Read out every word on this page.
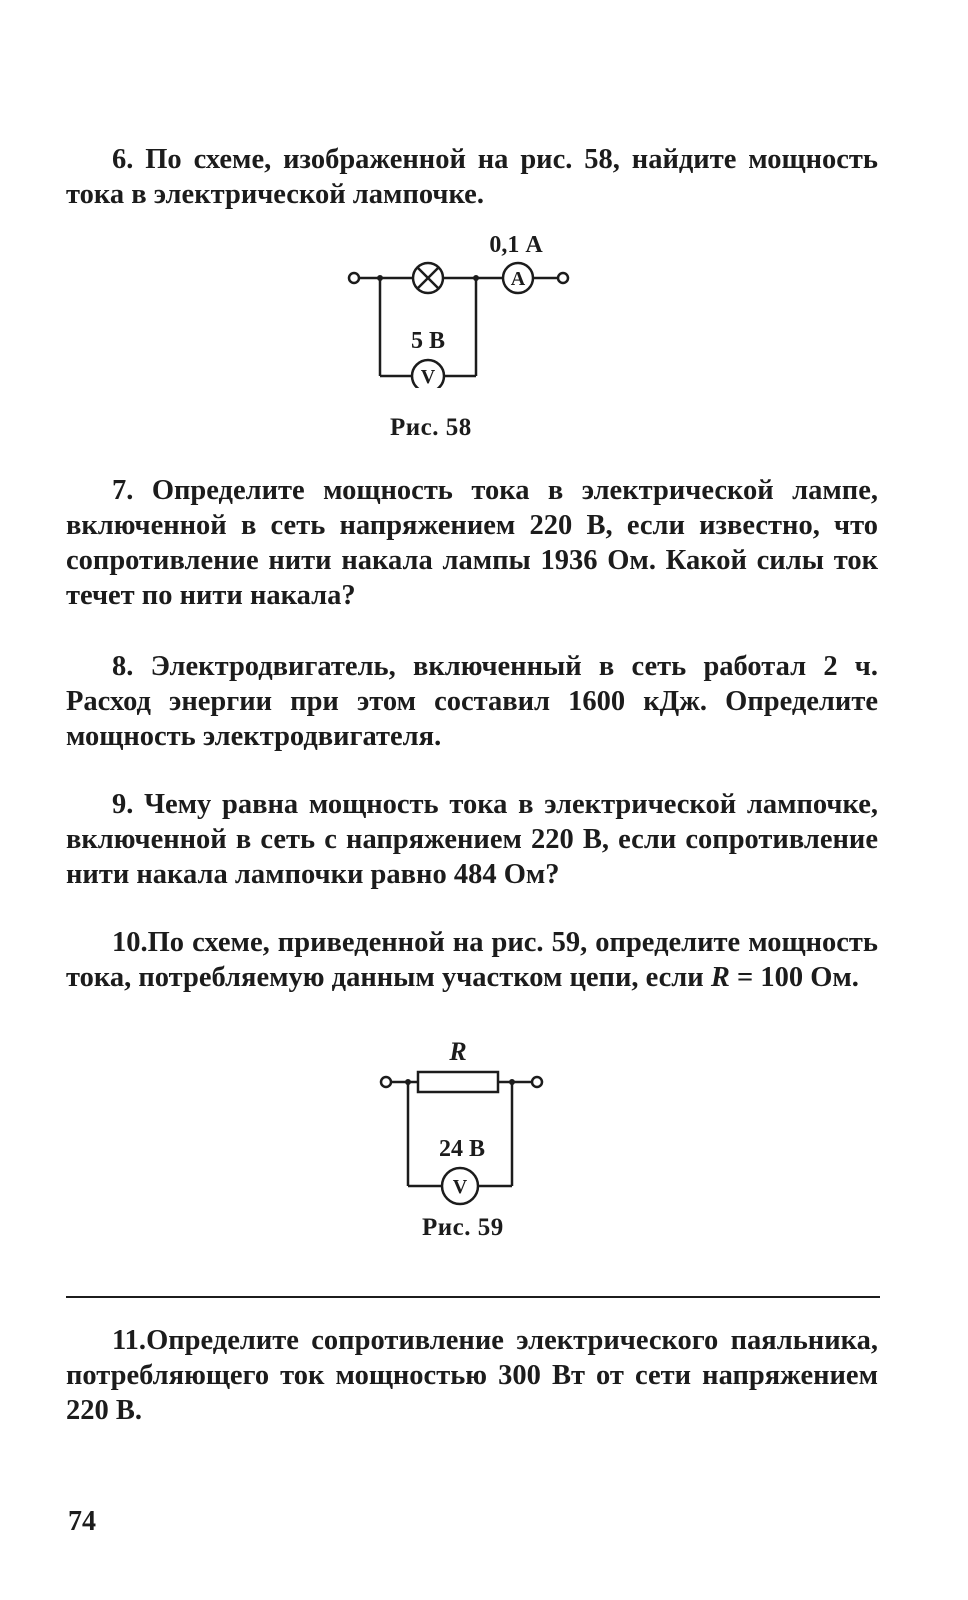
6. По схеме, изображенной на рис. 58, найдите мощность тока в электрической лампочке.
A
0,1 А
5 В
V
Рис. 58
7. Определите мощность тока в электрической лампе, включенной в сеть напряжением 220 В, если известно, что сопротивление нити накала лампы 1936 Ом. Какой силы ток течет по нити накала?
8. Электродвигатель, включенный в сеть работал 2 ч. Расход энергии при этом составил 1600 кДж. Определите мощность электродвигателя.
9. Чему равна мощность тока в электрической лампочке, включенной в сеть с напряжением 220 В, если сопротивление нити накала лампочки равно 484 Ом?
10.По схеме, приведенной на рис. 59, определите мощность тока, потребляемую данным участком цепи, если R = 100 Ом.
R
24 В
V
Рис. 59
11.Определите сопротивление электрического паяльника, потребляющего ток мощностью 300 Вт от сети напряжением 220 В.
74
